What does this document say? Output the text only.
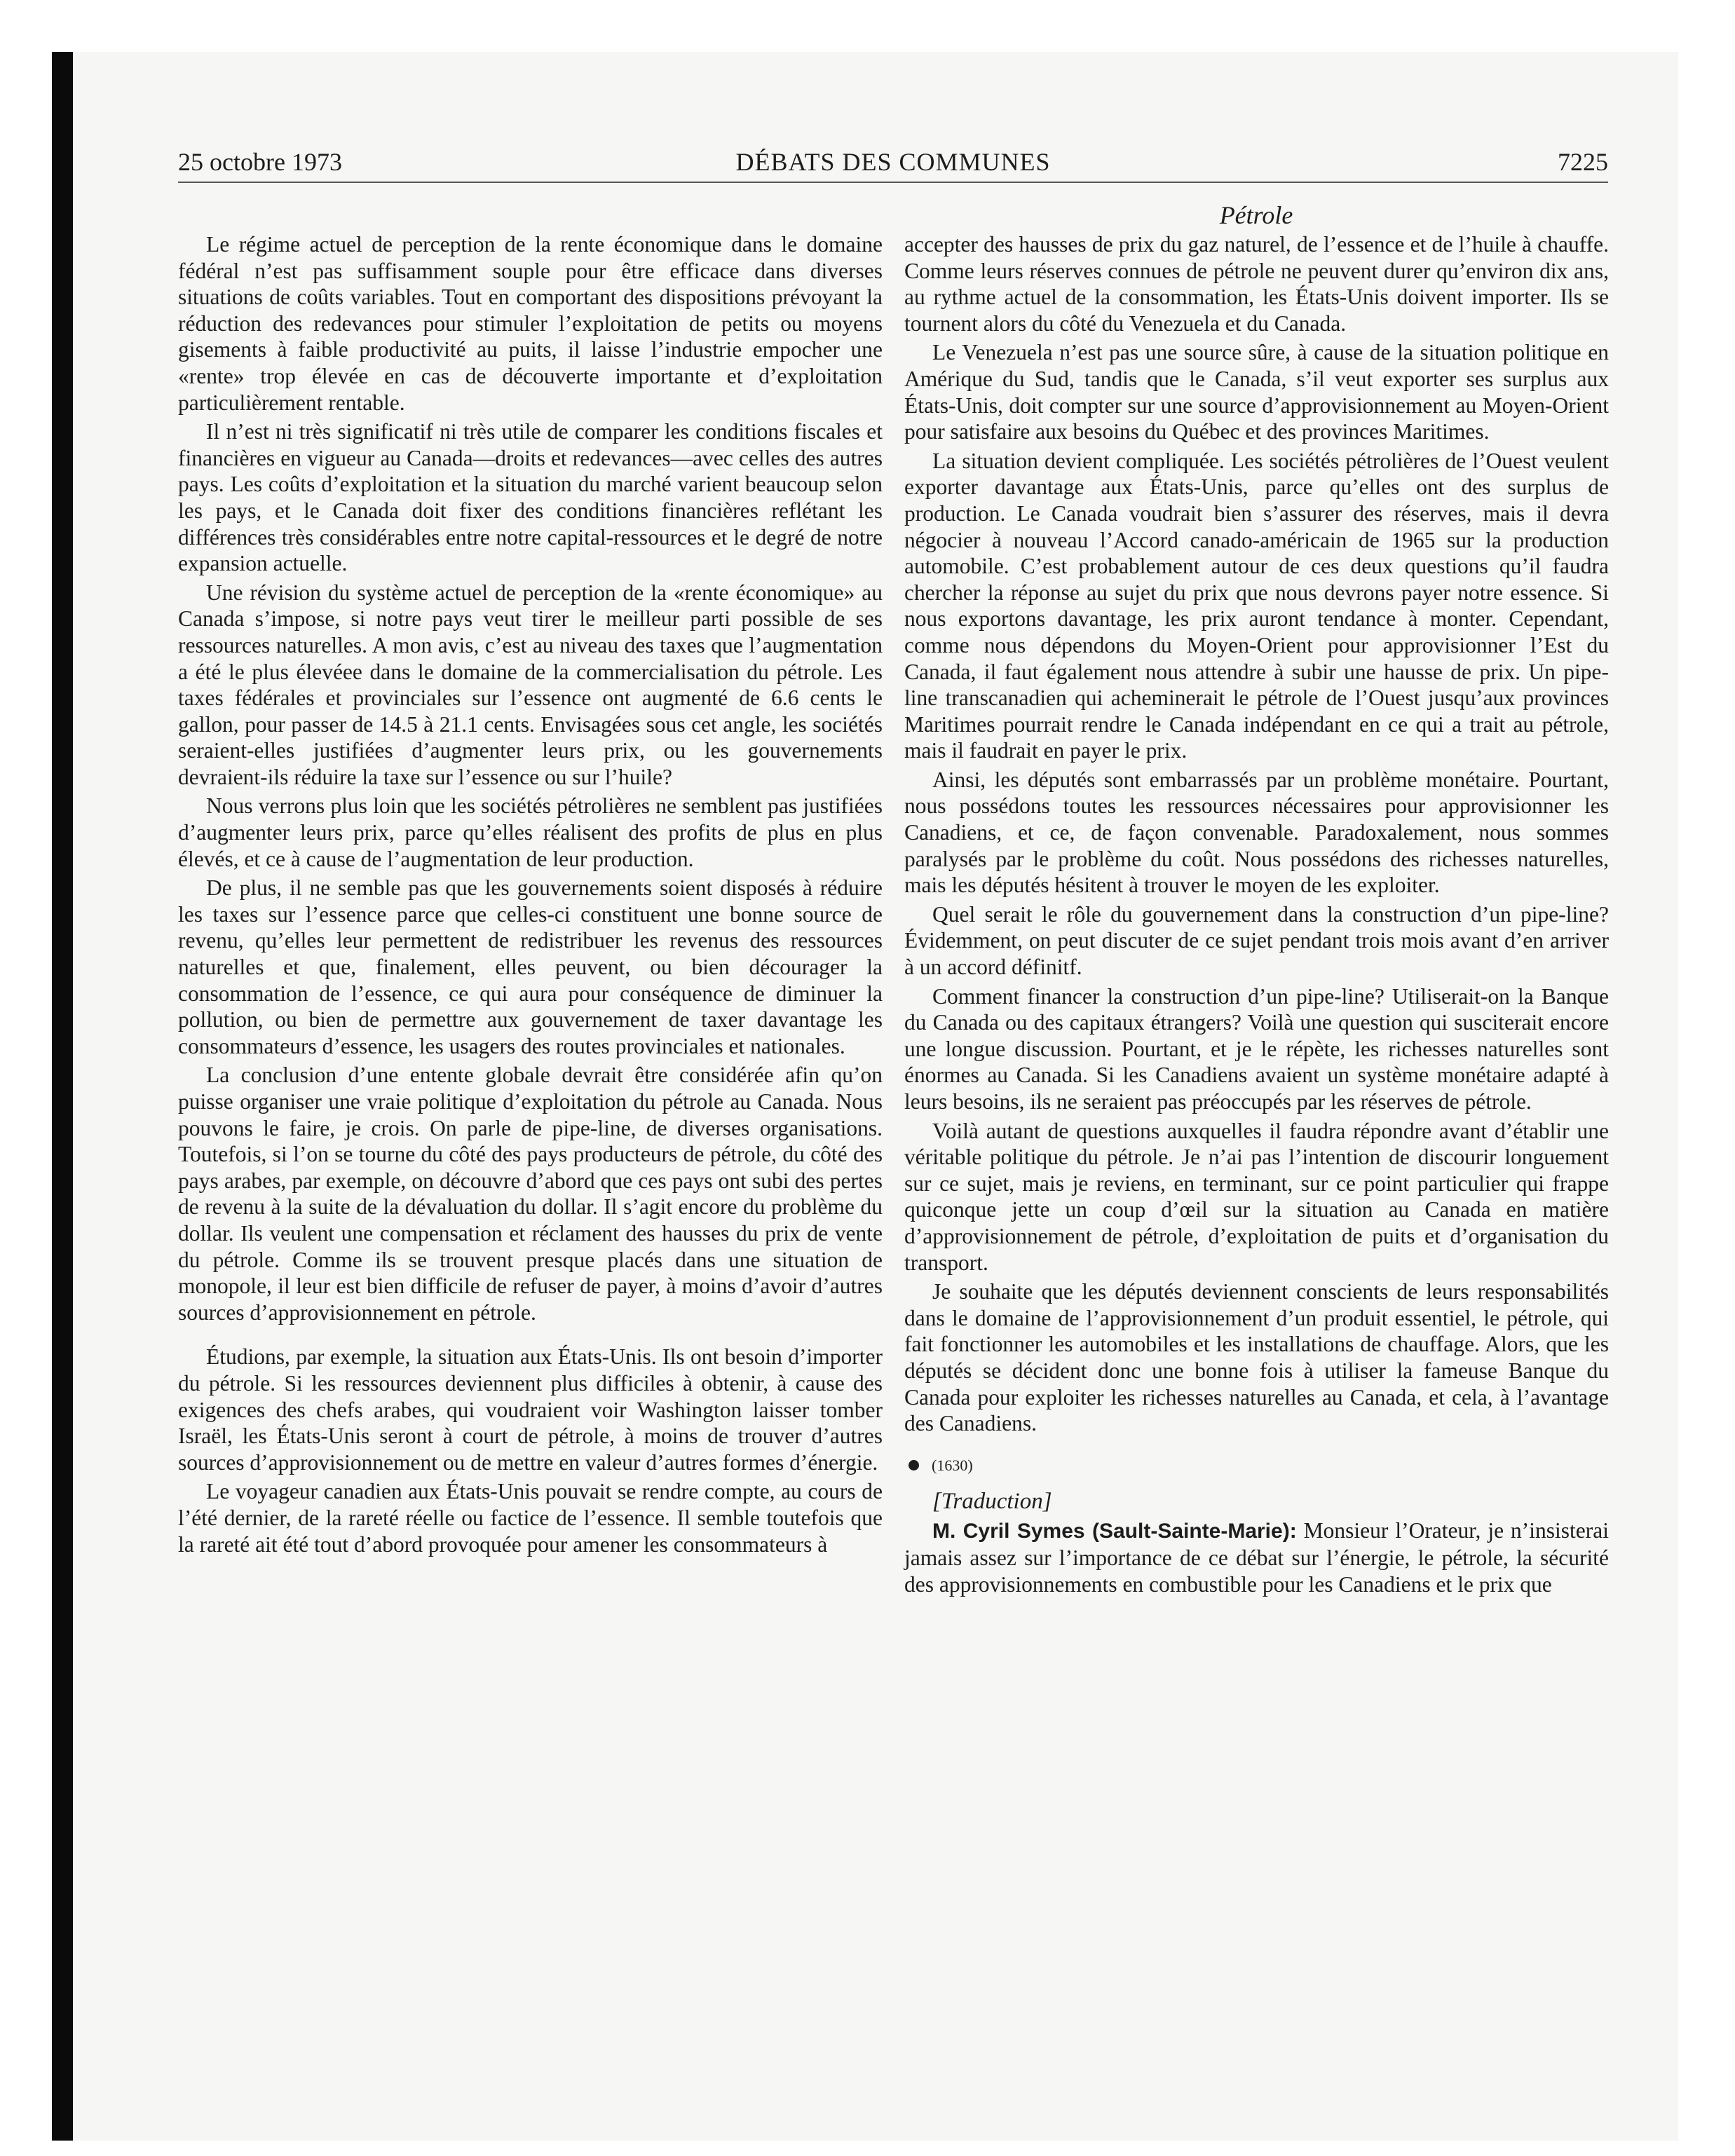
25 octobre 1973	DÉBATS DES COMMUNES	7225
Pétrole

Le régime actuel de perception de la rente économique dans le domaine fédéral n’est pas suffisamment souple pour être efficace dans diverses situations de coûts variables. Tout en comportant des dispositions prévoyant la réduction des redevances pour stimuler l’exploitation de petits ou moyens gisements à faible productivité au puits, il laisse l’industrie empocher une «rente» trop élevée en cas de découverte importante et d’exploitation particulièrement rentable.

Il n’est ni très significatif ni très utile de comparer les conditions fiscales et financières en vigueur au Canada—droits et redevances—avec celles des autres pays. Les coûts d’exploitation et la situation du marché varient beaucoup selon les pays, et le Canada doit fixer des conditions financières reflétant les différences très considérables entre notre capital-ressources et le degré de notre expansion actuelle.

Une révision du système actuel de perception de la «rente économique» au Canada s’impose, si notre pays veut tirer le meilleur parti possible de ses ressources naturelles. A mon avis, c’est au niveau des taxes que l’augmentation a été le plus élevéee dans le domaine de la commercialisation du pétrole. Les taxes fédérales et provinciales sur l’essence ont augmenté de 6.6 cents le gallon, pour passer de 14.5 à 21.1 cents. Envisagées sous cet angle, les sociétés seraient-elles justifiées d’augmenter leurs prix, ou les gouvernements devraient-ils réduire la taxe sur l’essence ou sur l’huile?

Nous verrons plus loin que les sociétés pétrolières ne semblent pas justifiées d’augmenter leurs prix, parce qu’elles réalisent des profits de plus en plus élevés, et ce à cause de l’augmentation de leur production.

De plus, il ne semble pas que les gouvernements soient disposés à réduire les taxes sur l’essence parce que celles-ci constituent une bonne source de revenu, qu’elles leur permettent de redistribuer les revenus des ressources naturelles et que, finalement, elles peuvent, ou bien décourager la consommation de l’essence, ce qui aura pour conséquence de diminuer la pollution, ou bien de permettre aux gouvernement de taxer davantage les consommateurs d’essence, les usagers des routes provinciales et nationales.

La conclusion d’une entente globale devrait être considérée afin qu’on puisse organiser une vraie politique d’exploitation du pétrole au Canada. Nous pouvons le faire, je crois. On parle de pipe-line, de diverses organisations. Toutefois, si l’on se tourne du côté des pays producteurs de pétrole, du côté des pays arabes, par exemple, on découvre d’abord que ces pays ont subi des pertes de revenu à la suite de la dévaluation du dollar. Il s’agit encore du problème du dollar. Ils veulent une compensation et réclament des hausses du prix de vente du pétrole. Comme ils se trouvent presque placés dans une situation de monopole, il leur est bien difficile de refuser de payer, à moins d’avoir d’autres sources d’approvisionnement en pétrole.

Étudions, par exemple, la situation aux États-Unis. Ils ont besoin d’importer du pétrole. Si les ressources deviennent plus difficiles à obtenir, à cause des exigences des chefs arabes, qui voudraient voir Washington laisser tomber Israël, les États-Unis seront à court de pétrole, à moins de trouver d’autres sources d’approvisionnement ou de mettre en valeur d’autres formes d’énergie.

Le voyageur canadien aux États-Unis pouvait se rendre compte, au cours de l’été dernier, de la rareté réelle ou factice de l’essence. Il semble toutefois que la rareté ait été tout d’abord provoquée pour amener les consommateurs à

accepter des hausses de prix du gaz naturel, de l’essence et de l’huile à chauffe. Comme leurs réserves connues de pétrole ne peuvent durer qu’environ dix ans, au rythme actuel de la consommation, les États-Unis doivent importer. Ils se tournent alors du côté du Venezuela et du Canada.

Le Venezuela n’est pas une source sûre, à cause de la situation politique en Amérique du Sud, tandis que le Canada, s’il veut exporter ses surplus aux États-Unis, doit compter sur une source d’approvisionnement au Moyen-Orient pour satisfaire aux besoins du Québec et des provinces Maritimes.

La situation devient compliquée. Les sociétés pétrolières de l’Ouest veulent exporter davantage aux États-Unis, parce qu’elles ont des surplus de production. Le Canada voudrait bien s’assurer des réserves, mais il devra négocier à nouveau l’Accord canado-américain de 1965 sur la production automobile. C’est probablement autour de ces deux questions qu’il faudra chercher la réponse au sujet du prix que nous devrons payer notre essence. Si nous exportons davantage, les prix auront tendance à monter. Cependant, comme nous dépendons du Moyen-Orient pour approvisionner l’Est du Canada, il faut également nous attendre à subir une hausse de prix. Un pipe-line transcanadien qui acheminerait le pétrole de l’Ouest jusqu’aux provinces Maritimes pourrait rendre le Canada indépendant en ce qui a trait au pétrole, mais il faudrait en payer le prix.

Ainsi, les députés sont embarrassés par un problème monétaire. Pourtant, nous possédons toutes les ressources nécessaires pour approvisionner les Canadiens, et ce, de façon convenable. Paradoxalement, nous sommes paralysés par le problème du coût. Nous possédons des richesses naturelles, mais les députés hésitent à trouver le moyen de les exploiter.

Quel serait le rôle du gouvernement dans la construction d’un pipe-line? Évidemment, on peut discuter de ce sujet pendant trois mois avant d’en arriver à un accord définitf.

Comment financer la construction d’un pipe-line? Utiliserait-on la Banque du Canada ou des capitaux étrangers? Voilà une question qui susciterait encore une longue discussion. Pourtant, et je le répète, les richesses naturelles sont énormes au Canada. Si les Canadiens avaient un système monétaire adapté à leurs besoins, ils ne seraient pas préoccupés par les réserves de pétrole.

Voilà autant de questions auxquelles il faudra répondre avant d’établir une véritable politique du pétrole. Je n’ai pas l’intention de discourir longuement sur ce sujet, mais je reviens, en terminant, sur ce point particulier qui frappe quiconque jette un coup d’œil sur la situation au Canada en matière d’approvisionnement de pétrole, d’exploitation de puits et d’organisation du transport.

Je souhaite que les députés deviennent conscients de leurs responsabilités dans le domaine de l’approvisionnement d’un produit essentiel, le pétrole, qui fait fonctionner les automobiles et les installations de chauffage. Alors, que les députés se décident donc une bonne fois à utiliser la fameuse Banque du Canada pour exploiter les richesses naturelles au Canada, et cela, à l’avantage des Canadiens.

(1630)

[Traduction]

M. Cyril Symes (Sault-Sainte-Marie): Monsieur l’Orateur, je n’insisterai jamais assez sur l’importance de ce débat sur l’énergie, le pétrole, la sécurité des approvisionnements en combustible pour les Canadiens et le prix que
